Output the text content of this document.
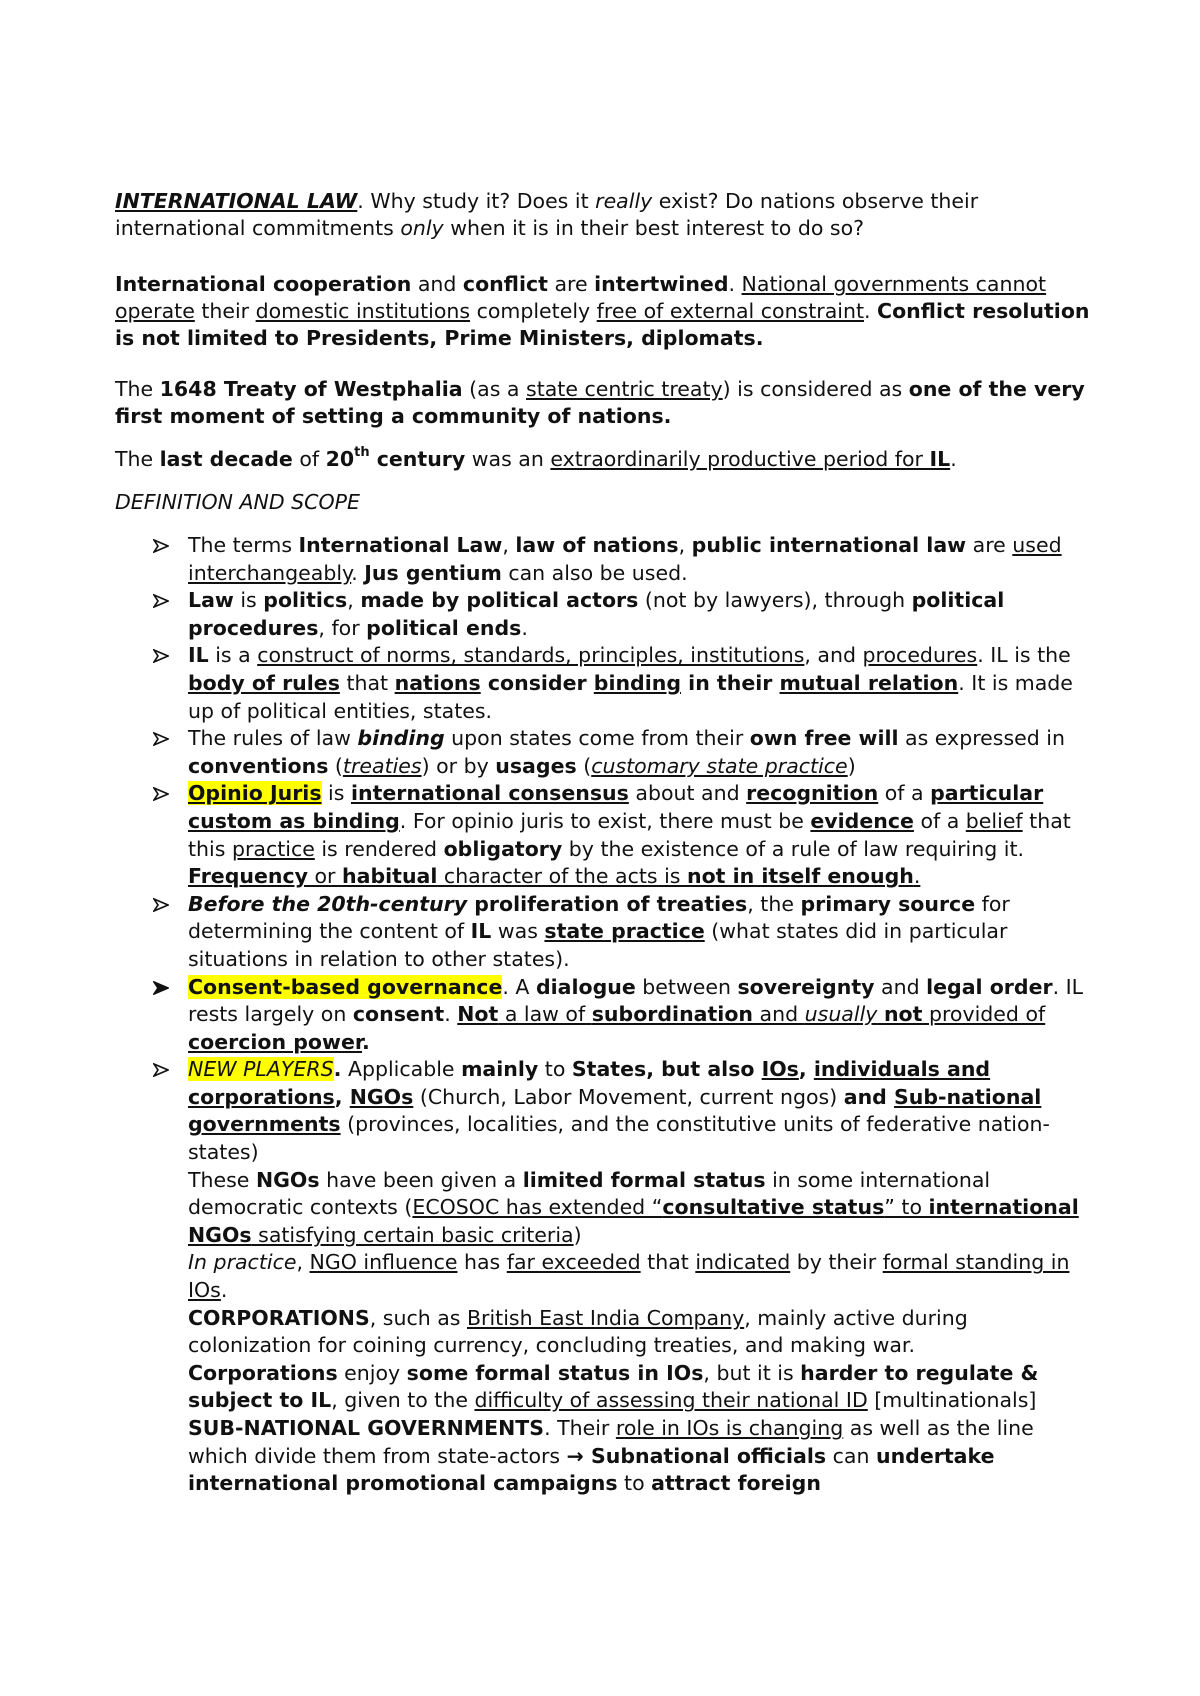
INTERNATIONAL LAW. Why study it? Does it really exist? Do nations observe their international commitments only when it is in their best interest to do so?

International cooperation and conflict are intertwined. National governments cannot operate their domestic institutions completely free of external constraint. Conflict resolution is not limited to Presidents, Prime Ministers, diplomats.

The 1648 Treaty of Westphalia (as a state centric treaty) is considered as one of the very first moment of setting a community of nations.

The last decade of 20th century was an extraordinarily productive period for IL.

DEFINITION AND SCOPE

The terms International Law, law of nations, public international law are used interchangeably. Jus gentium can also be used.
Law is politics, made by political actors (not by lawyers), through political procedures, for political ends.
IL is a construct of norms, standards, principles, institutions, and procedures. IL is the body of rules that nations consider binding in their mutual relation. It is made up of political entities, states.
The rules of law binding upon states come from their own free will as expressed in conventions (treaties) or by usages (customary state practice)
Opinio Juris is international consensus about and recognition of a particular custom as binding. For opinio juris to exist, there must be evidence of a belief that this practice is rendered obligatory by the existence of a rule of law requiring it. Frequency or habitual character of the acts is not in itself enough.
Before the 20th-century proliferation of treaties, the primary source for determining the content of IL was state practice (what states did in particular situations in relation to other states).
Consent-based governance. A dialogue between sovereignty and legal order. IL rests largely on consent. Not a law of subordination and usually not provided of coercion power.
NEW PLAYERS. Applicable mainly to States, but also IOs, individuals and corporations, NGOs (Church, Labor Movement, current ngos) and Sub-national governments (provinces, localities, and the constitutive units of federative nation-states)
These NGOs have been given a limited formal status in some international democratic contexts (ECOSOC has extended “consultative status” to international NGOs satisfying certain basic criteria)
In practice, NGO influence has far exceeded that indicated by their formal standing in IOs.
CORPORATIONS, such as British East India Company, mainly active during colonization for coining currency, concluding treaties, and making war.
Corporations enjoy some formal status in IOs, but it is harder to regulate & subject to IL, given to the difficulty of assessing their national ID [multinationals]
SUB-NATIONAL GOVERNMENTS. Their role in IOs is changing as well as the line which divide them from state-actors → Subnational officials can undertake international promotional campaigns to attract foreign
